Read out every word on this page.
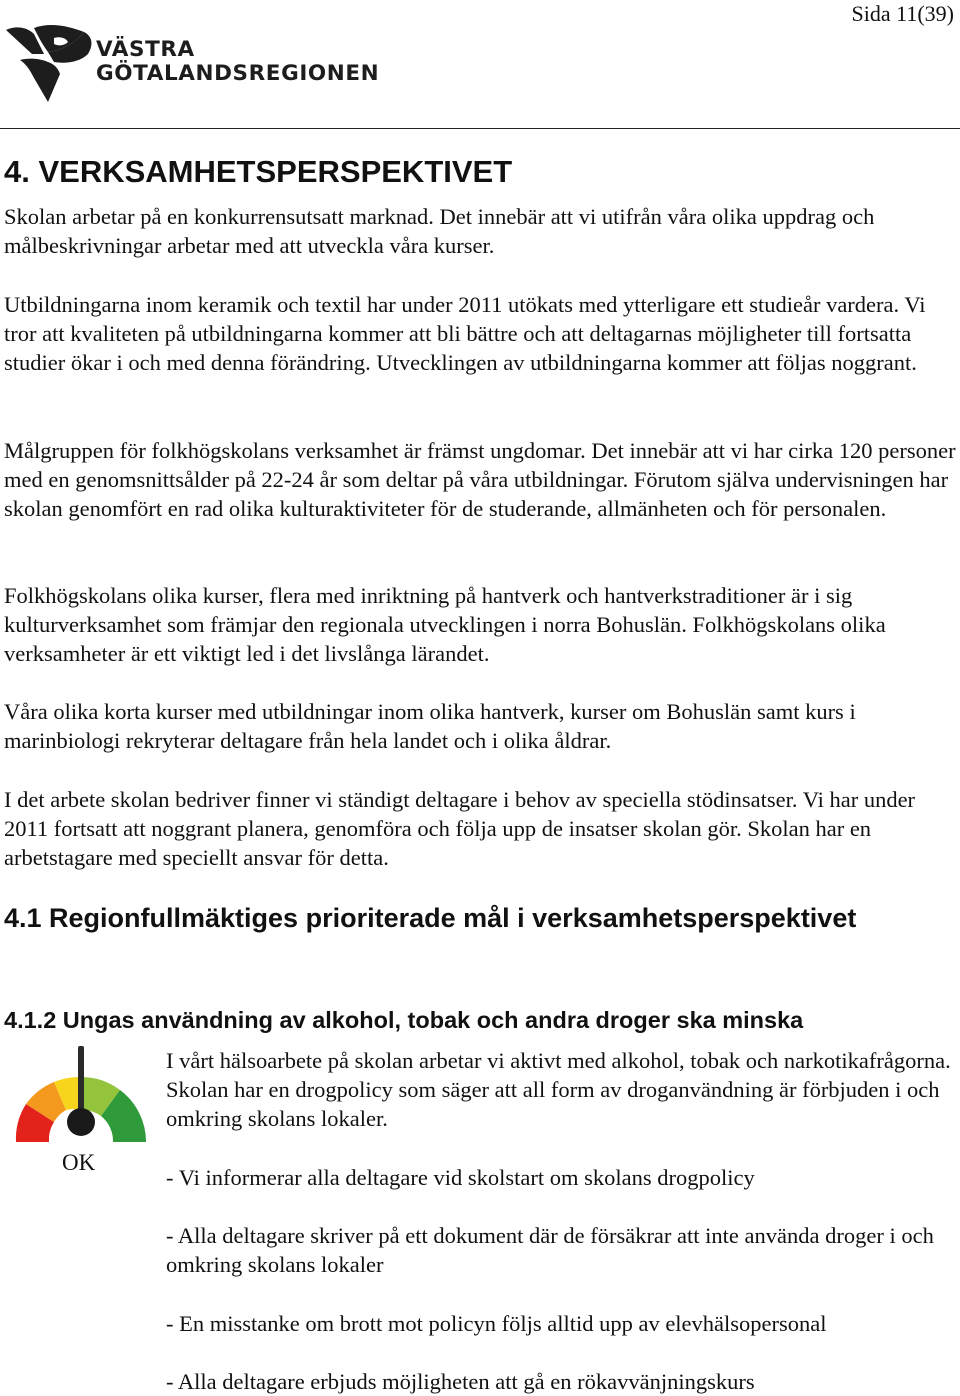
Sida 11(39)
VÄSTRA
GÖTALANDSREGIONEN
4. VERKSAMHETSPERSPEKTIVET

Skolan arbetar på en konkurrensutsatt marknad. Det innebär att vi utifrån våra olika uppdrag och målbeskrivningar arbetar med att utveckla våra kurser.

Utbildningarna inom keramik och textil har under 2011 utökats med ytterligare ett studieår vardera. Vi tror att kvaliteten på utbildningarna kommer att bli bättre och att deltagarnas möjligheter till fortsatta studier ökar i och med denna förändring. Utvecklingen av utbildningarna kommer att följas noggrant.

Målgruppen för folkhögskolans verksamhet är främst ungdomar. Det innebär att vi har cirka 120 personer med en genomsnittsålder på 22-24 år som deltar på våra utbildningar. Förutom själva undervisningen har skolan genomfört en rad olika kulturaktiviteter för de studerande, allmänheten och för personalen.

Folkhögskolans olika kurser, flera med inriktning på hantverk och hantverkstraditioner är i sig kulturverksamhet som främjar den regionala utvecklingen i norra Bohuslän. Folkhögskolans olika verksamheter är ett viktigt led i det livslånga lärandet.

Våra olika korta kurser med utbildningar inom olika hantverk, kurser om Bohuslän samt kurs i marinbiologi rekryterar deltagare från hela landet och i olika åldrar.

I det arbete skolan bedriver finner vi ständigt deltagare i behov av speciella stödinsatser. Vi har under 2011 fortsatt att noggrant planera, genomföra och följa upp de insatser skolan gör. Skolan har en arbetstagare med speciellt ansvar för detta.

4.1 Regionfullmäktiges prioriterade mål i verksamhetsperspektivet
4.1.2 Ungas användning av alkohol, tobak och andra droger ska minska
OK

I vårt hälsoarbete på skolan arbetar vi aktivt med alkohol, tobak och narkotikafrågorna. Skolan har en drogpolicy som säger att all form av droganvändning är förbjuden i och omkring skolans lokaler.

- Vi informerar alla deltagare vid skolstart om skolans drogpolicy

- Alla deltagare skriver på ett dokument där de försäkrar att inte använda droger i och omkring skolans lokaler

- En misstanke om brott mot policyn följs alltid upp av elevhälsopersonal

- Alla deltagare erbjuds möjligheten att gå en rökavvänjningskurs
